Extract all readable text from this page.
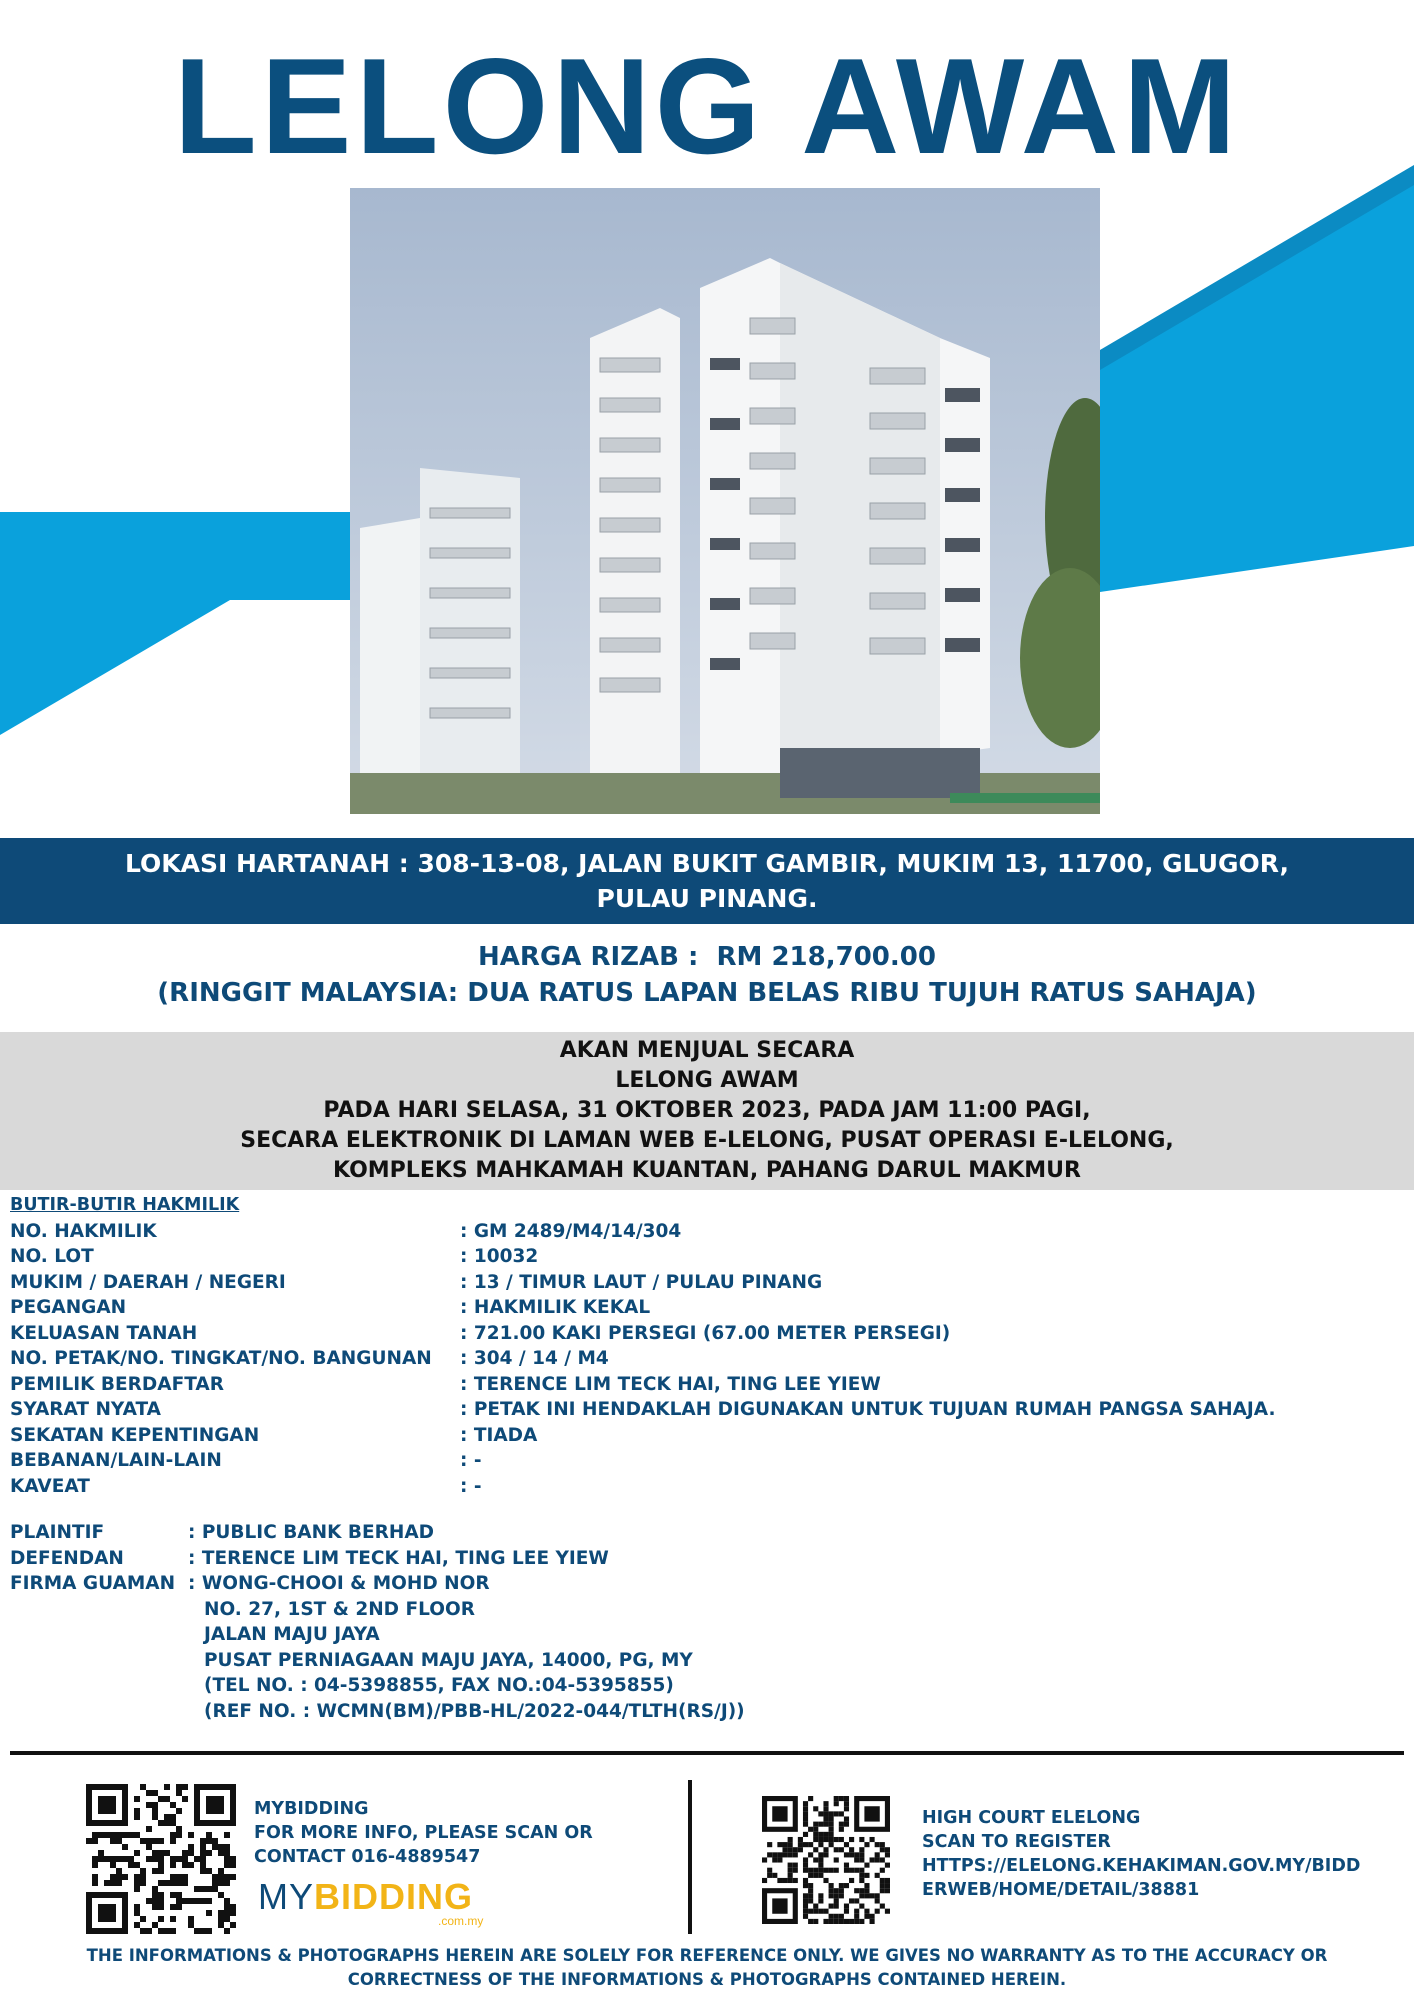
LELONG AWAM
LOKASI HARTANAH : 308-13-08, JALAN BUKIT GAMBIR, MUKIM 13, 11700, GLUGOR,
PULAU PINANG.
HARGA RIZAB :  RM 218,700.00
(RINGGIT MALAYSIA: DUA RATUS LAPAN BELAS RIBU TUJUH RATUS SAHAJA)
AKAN MENJUAL SECARA
LELONG AWAM
PADA HARI SELASA, 31 OKTOBER 2023, PADA JAM 11:00 PAGI,
SECARA ELEKTRONIK DI LAMAN WEB E-LELONG, PUSAT OPERASI E-LELONG,
KOMPLEKS MAHKAMAH KUANTAN, PAHANG DARUL MAKMUR
BUTIR-BUTIR HAKMILIK
NO. HAKMILIK	: GM 2489/M4/14/304
NO. LOT	: 10032
MUKIM / DAERAH / NEGERI	: 13 / TIMUR LAUT / PULAU PINANG
PEGANGAN	: HAKMILIK KEKAL
KELUASAN TANAH	: 721.00 KAKI PERSEGI (67.00 METER PERSEGI)
NO. PETAK/NO. TINGKAT/NO. BANGUNAN : 304 / 14 / M4
PEMILIK BERDAFTAR	: TERENCE LIM TECK HAI, TING LEE YIEW
SYARAT NYATA	: PETAK INI HENDAKLAH DIGUNAKAN UNTUK TUJUAN RUMAH PANGSA SAHAJA.
SEKATAN KEPENTINGAN	: TIADA
BEBANAN/LAIN-LAIN	: -
KAVEAT	: -
PLAINTIF	: PUBLIC BANK BERHAD
DEFENDAN	: TERENCE LIM TECK HAI, TING LEE YIEW
FIRMA GUAMAN : WONG-CHOOI & MOHD NOR
NO. 27, 1ST & 2ND FLOOR
JALAN MAJU JAYA
PUSAT PERNIAGAAN MAJU JAYA, 14000, PG, MY
(TEL NO. : 04-5398855, FAX NO.:04-5395855)
(REF NO. : WCMN(BM)/PBB-HL/2022-044/TLTH(RS/J))
MYBIDDING
FOR MORE INFO, PLEASE SCAN OR
CONTACT 016-4889547
MYBIDDING
.com.my
HIGH COURT ELELONG
SCAN TO REGISTER
HTTPS://ELELONG.KEHAKIMAN.GOV.MY/BIDD
ERWEB/HOME/DETAIL/38881
THE INFORMATIONS & PHOTOGRAPHS HEREIN ARE SOLELY FOR REFERENCE ONLY. WE GIVES NO WARRANTY AS TO THE ACCURACY OR
CORRECTNESS OF THE INFORMATIONS & PHOTOGRAPHS CONTAINED HEREIN.
